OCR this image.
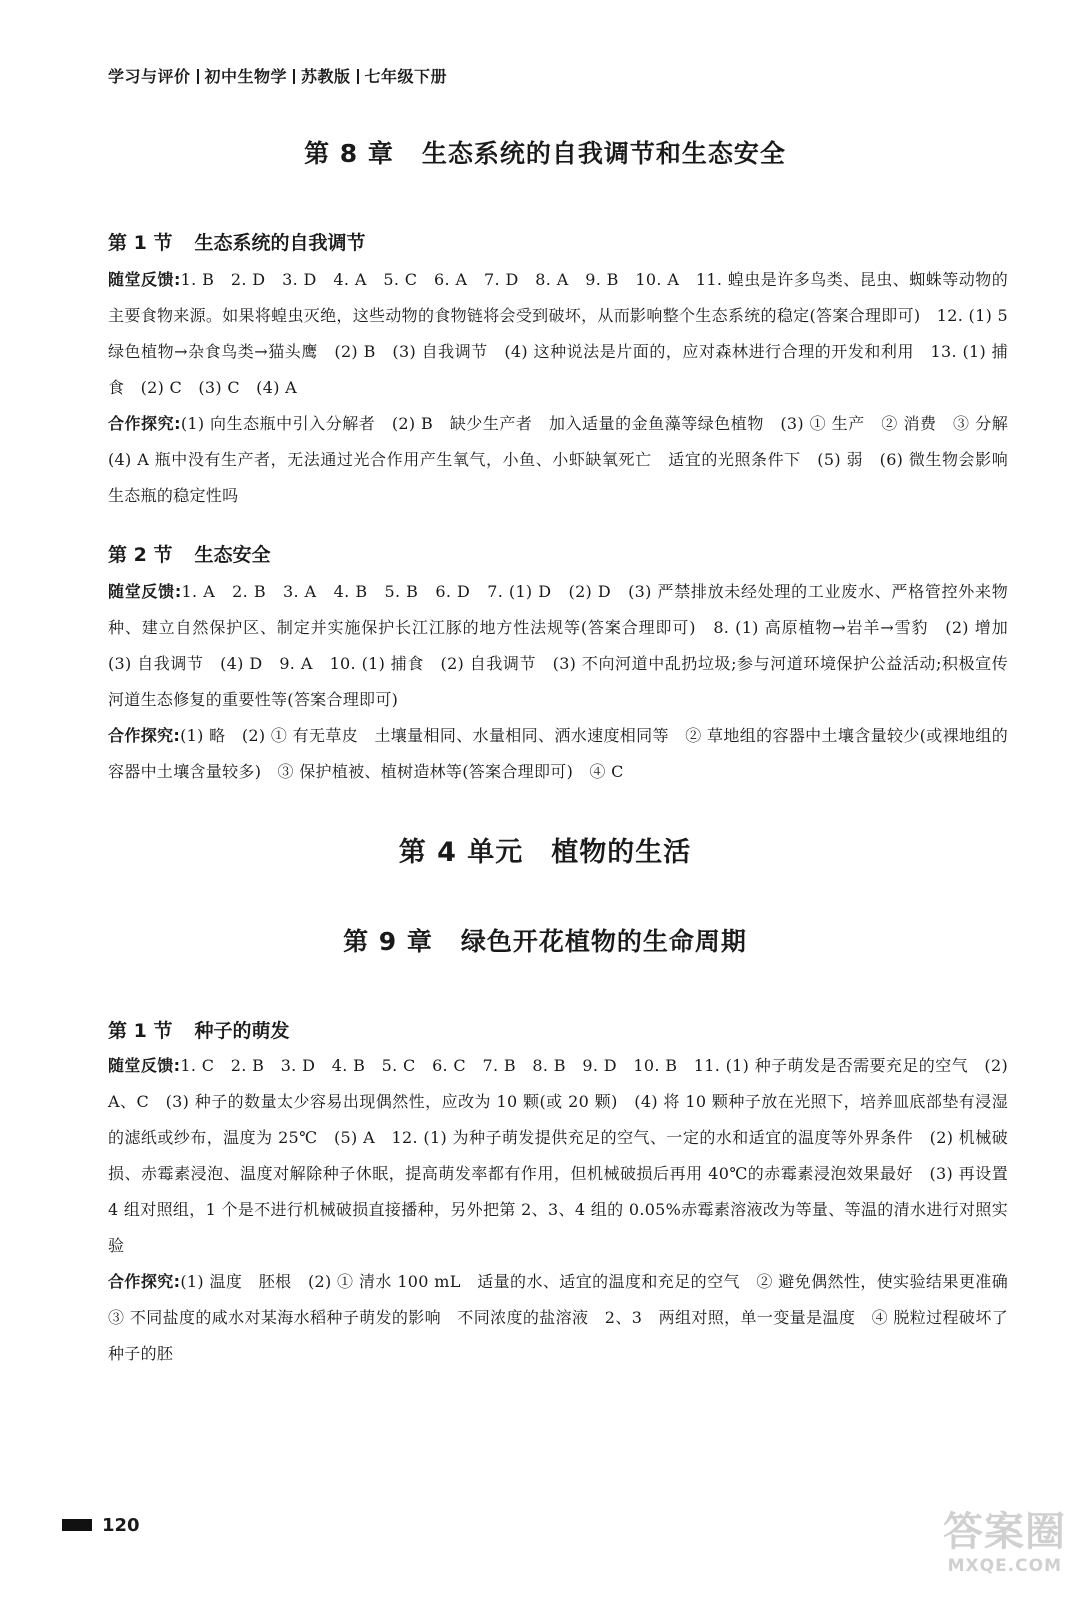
学习与评价 初中生物学 苏教版 七年级下册
第 8 章 生态系统的自我调节和生态安全
第 1 节 生态系统的自我调节

随堂反馈:1. B　2. D　3. D　4. A　5. C　6. A　7. D　8. A　9. B　10. A　11. 蝗虫是许多鸟类、昆虫、蜘蛛等动物的主要食物来源。如果将蝗虫灭绝，这些动物的食物链将会受到破坏，从而影响整个生态系统的稳定(答案合理即可)　12. (1) 5　绿色植物→杂食鸟类→猫头鹰　(2) B　(3) 自我调节　(4) 这种说法是片面的，应对森林进行合理的开发和利用　13. (1) 捕食　(2) C　(3) C　(4) A

合作探究:(1) 向生态瓶中引入分解者　(2) B　缺少生产者　加入适量的金鱼藻等绿色植物　(3) ① 生产　② 消费　③ 分解　(4) A 瓶中没有生产者，无法通过光合作用产生氧气，小鱼、小虾缺氧死亡　适宜的光照条件下　(5) 弱　(6) 微生物会影响生态瓶的稳定性吗

第 2 节 生态安全

随堂反馈:1. A　2. B　3. A　4. B　5. B　6. D　7. (1) D　(2) D　(3) 严禁排放未经处理的工业废水、严格管控外来物种、建立自然保护区、制定并实施保护长江江豚的地方性法规等(答案合理即可)　8. (1) 高原植物→岩羊→雪豹　(2) 增加　(3) 自我调节　(4) D　9. A　10. (1) 捕食　(2) 自我调节　(3) 不向河道中乱扔垃圾;参与河道环境保护公益活动;积极宣传河道生态修复的重要性等(答案合理即可)

合作探究:(1) 略　(2) ① 有无草皮　土壤量相同、水量相同、洒水速度相同等　② 草地组的容器中土壤含量较少(或裸地组的容器中土壤含量较多)　③ 保护植被、植树造林等(答案合理即可)　④ C

第 4 单元 植物的生活
第 9 章 绿色开花植物的生命周期
第 1 节 种子的萌发

随堂反馈:1. C　2. B　3. D　4. B　5. C　6. C　7. B　8. B　9. D　10. B　11. (1) 种子萌发是否需要充足的空气　(2) A、C　(3) 种子的数量太少容易出现偶然性，应改为 10 颗(或 20 颗)　(4) 将 10 颗种子放在光照下，培养皿底部垫有浸湿的滤纸或纱布，温度为 25℃　(5) A　12. (1) 为种子萌发提供充足的空气、一定的水和适宜的温度等外界条件　(2) 机械破损、赤霉素浸泡、温度对解除种子休眠，提高萌发率都有作用，但机械破损后再用 40℃的赤霉素浸泡效果最好　(3) 再设置 4 组对照组，1 个是不进行机械破损直接播种，另外把第 2、3、4 组的 0.05%赤霉素溶液改为等量、等温的清水进行对照实验

合作探究:(1) 温度　胚根　(2) ① 清水 100 mL　适量的水、适宜的温度和充足的空气　② 避免偶然性，使实验结果更准确　③ 不同盐度的咸水对某海水稻种子萌发的影响　不同浓度的盐溶液　2、3　两组对照，单一变量是温度　④ 脱粒过程破坏了种子的胚

120	答案圈
MXQE.COM
